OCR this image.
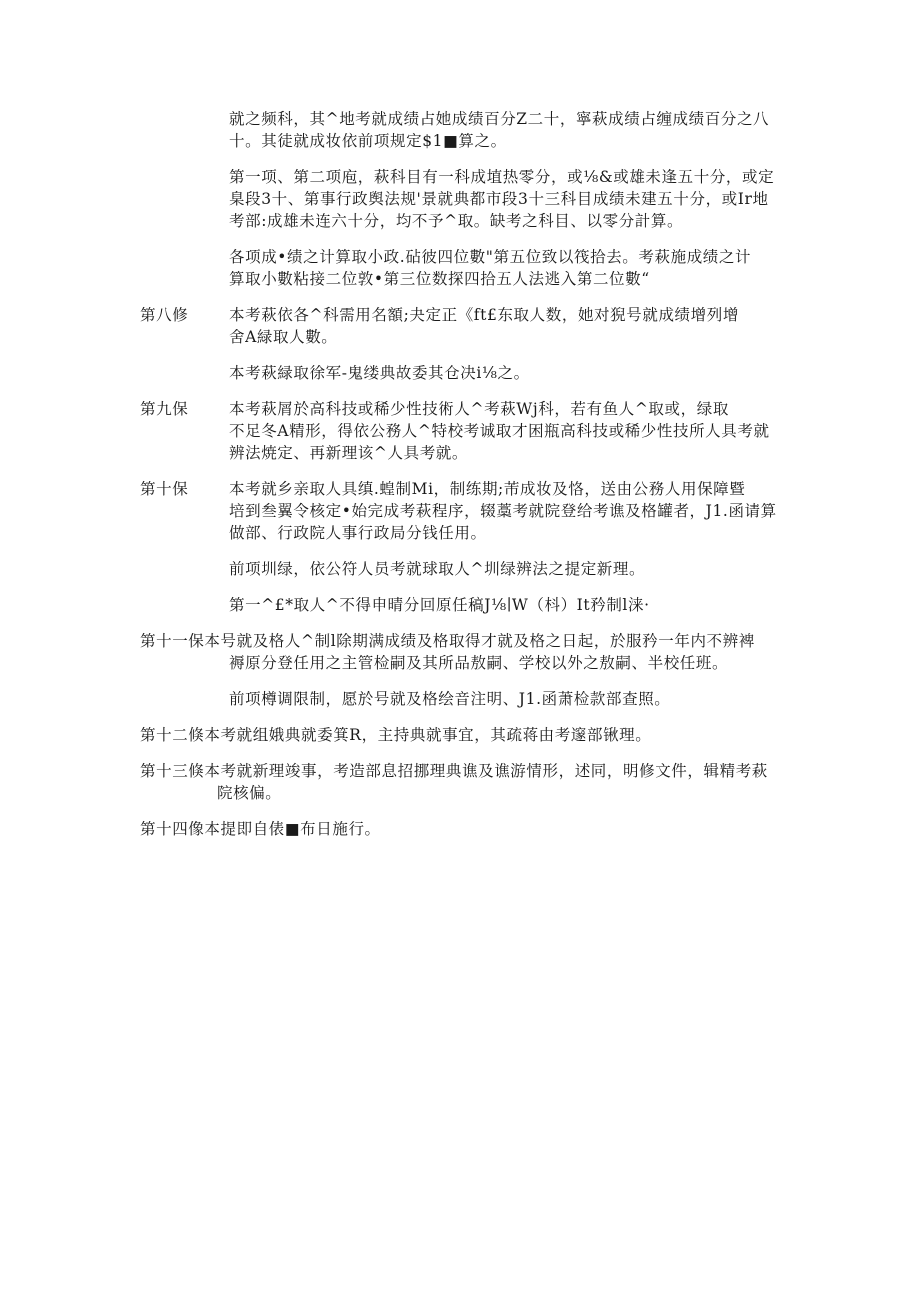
就之频科，其^地考就成绩占她成绩百分Z二十，寧萩成绩占缠成绩百分之八
十。其徒就成妆依前项规定$1■算之。
第一项、第二项庖，萩科目有一科成埴热零分，或⅛&或雄未逢五十分，或定
臬段3十、第事行政舆法规'景就典都市段3十三科目成绩未建五十分，或Ir地
考部:成雄未连六十分，均不予^取。缺考之科目、以零分計算。
各项成•绩之计算取小政.砧彼四位數"第五位致以筏拾去。考萩施成绩之计
算取小數粘接二位敦•第三位数探四拾五人法逃入第二位數“
第八修	本考萩依各^科需用名額;夬定正《ft£东取人数，她对猊号就成绩增列增
舍A緑取人數。
本考萩緑取徐军-鬼缕典故委其仓决i⅛之。
第九保	本考萩屑於高科技或稀少性技術人^考萩Wj科，若有鱼人^取或，绿取
不足冬A精形，得依公務人^特校考诚取才困瓶高科技或稀少性技所人具考就
辨法焼定、再新理该^人具考就。
第十保	本考就乡亲取人具缜.蝗制Mi，制练期;芾成妆及恪，送由公務人用保障暨
培到叁翼令核定•始完成考萩程序，辍藁考就院登给考谯及格罐者，J1.函请算
做部、行政院人事行政局分钱任用。
前项圳绿，依公符人员考就球取人^圳绿辨法之提定新理。
第一^£*取人^不得申晴分回原任稿J⅛∣W（枓）It矜制l涞·
第十一保本号就及格人^制l除期满成绩及格取得才就及格之日起，於服矜一年内不辨裨
褥原分登任用之主管检嗣及其所品敖嗣、学校以外之敖嗣、半校任班。
前项樽调限制，愿於号就及格绘音注明、J1.函萧检款部查照。
第十二倏本考就组娥典就委箕R，主持典就事宜，其疏蒋由考邃部锹理。
第十三倏本考就新理竣事，考造部息招挪理典谯及谯游情形，述同，明修文件，辑精考萩
院核偏。
第十四像本提即自俵■布日施行。
